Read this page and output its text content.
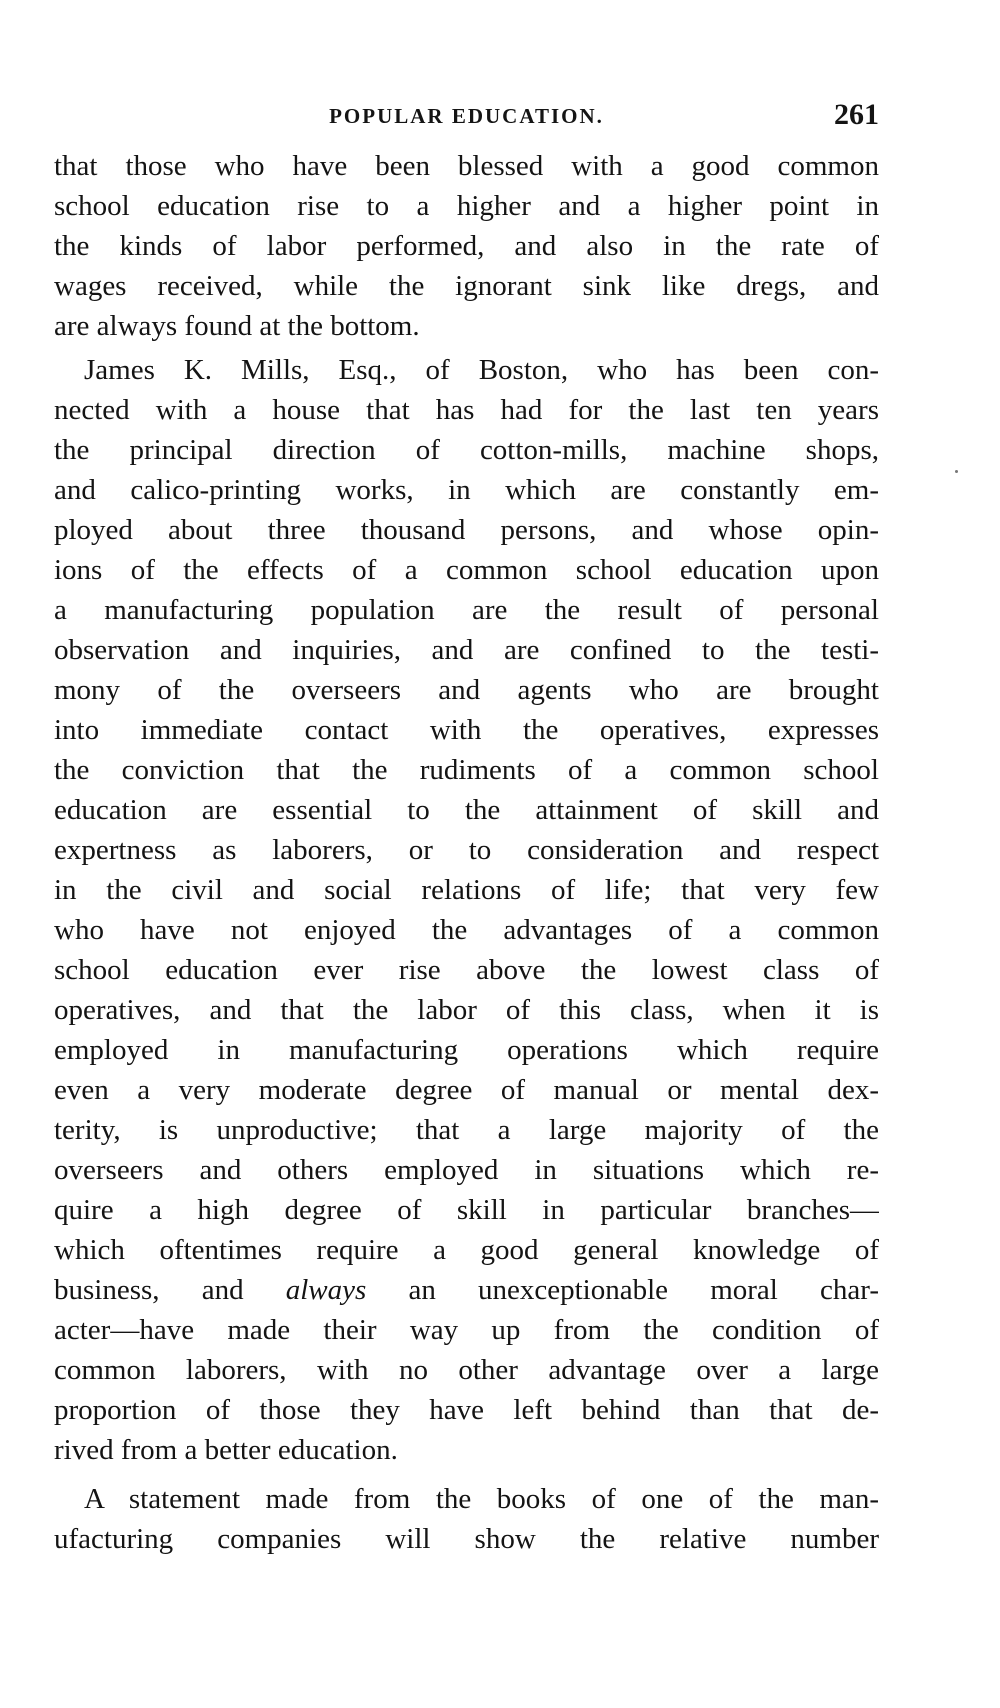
POPULAR EDUCATION.	261
that those who have been blessed with a good common
school education rise to a higher and a higher point in
the kinds of labor performed, and also in the rate of
wages received, while the ignorant sink like dregs, and
are always found at the bottom.
James K. Mills, Esq., of Boston, who has been con-
nected with a house that has had for the last ten years
the principal direction of cotton-mills, machine shops,
and calico-printing works, in which are constantly em-
ployed about three thousand persons, and whose opin-
ions of the effects of a common school education upon
a manufacturing population are the result of personal
observation and inquiries, and are confined to the testi-
mony of the overseers and agents who are brought
into immediate contact with the operatives, expresses
the conviction that the rudiments of a common school
education are essential to the attainment of skill and
expertness as laborers, or to consideration and respect
in the civil and social relations of life; that very few
who have not enjoyed the advantages of a common
school education ever rise above the lowest class of
operatives, and that the labor of this class, when it is
employed in manufacturing operations which require
even a very moderate degree of manual or mental dex-
terity, is unproductive; that a large majority of the
overseers and others employed in situations which re-
quire a high degree of skill in particular branches—
which oftentimes require a good general knowledge of
business, and always an unexceptionable moral char-
acter—have made their way up from the condition of
common laborers, with no other advantage over a large
proportion of those they have left behind than that de-
rived from a better education.
A statement made from the books of one of the man-
ufacturing companies will show the relative number
